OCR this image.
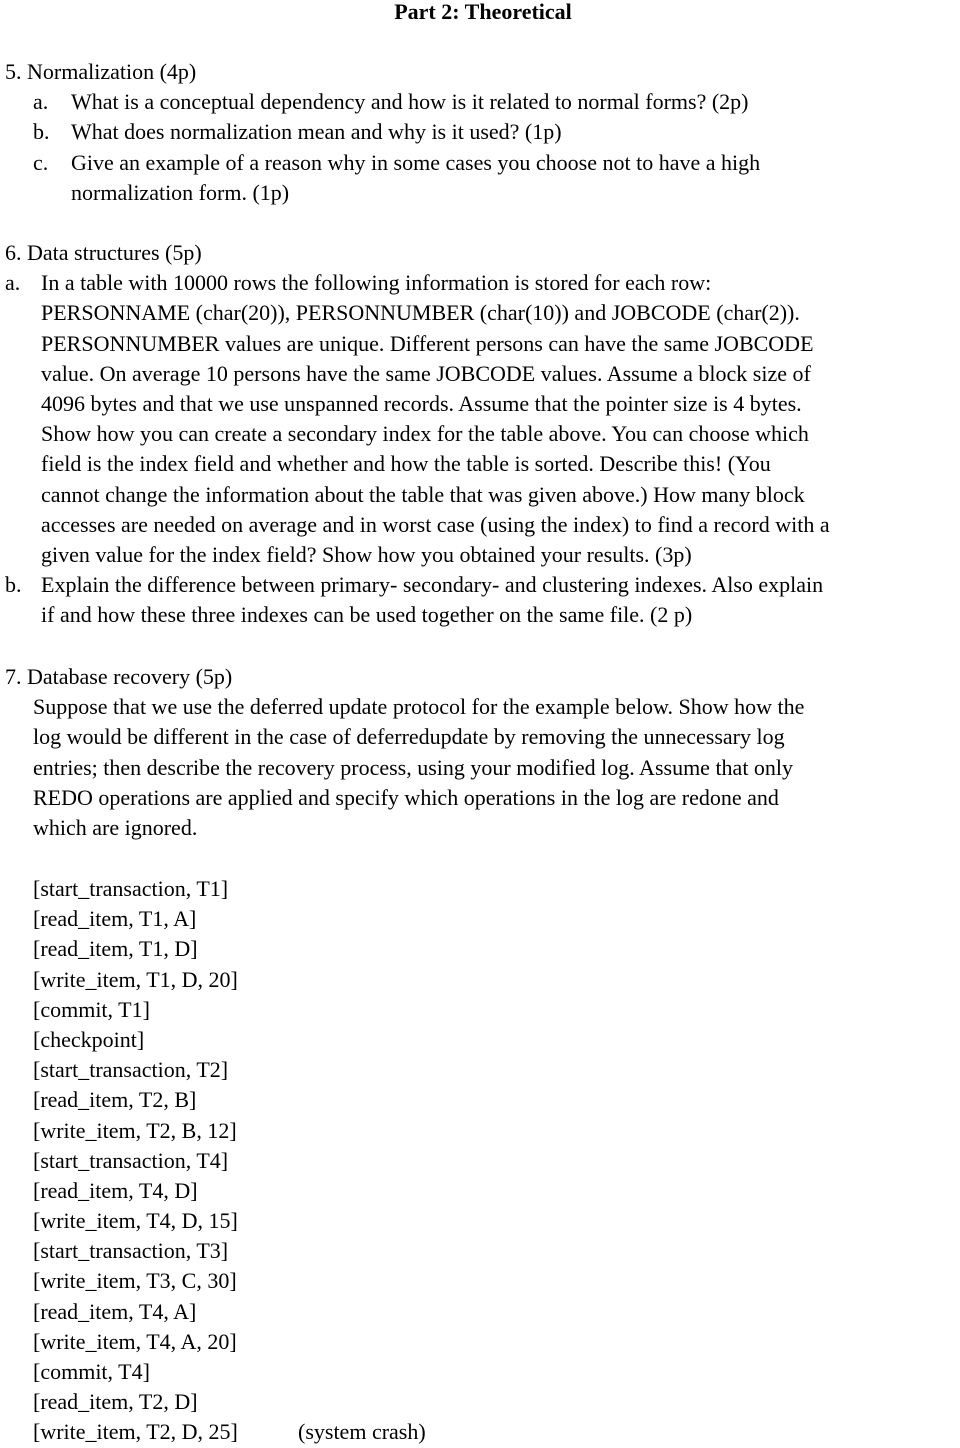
Part 2: Theoretical
5. Normalization (4p)
a.	What is a conceptual dependency and how is it related to normal forms? (2p)
b. What does normalization mean and why is it used? (1p)
c.	Give an example of a reason why in some cases you choose not to have a high
normalization form. (1p)
6. Data structures (5p)
a. In a table with 10000 rows the following information is stored for each row:
PERSONNAME (char(20)), PERSONNUMBER (char(10)) and JOBCODE (char(2)).
PERSONNUMBER values are unique. Different persons can have the same JOBCODE
value. On average 10 persons have the same JOBCODE values. Assume a block size of
4096 bytes and that we use unspanned records. Assume that the pointer size is 4 bytes.
Show how you can create a secondary index for the table above. You can choose which
field is the index field and whether and how the table is sorted. Describe this! (You
cannot change the information about the table that was given above.) How many block
accesses are needed on average and in worst case (using the index) to find a record with a
given value for the index field? Show how you obtained your results. (3p)
b. Explain the difference between primary- secondary- and clustering indexes. Also explain
if and how these three indexes can be used together on the same file. (2 p)
7. Database recovery (5p)
Suppose that we use the deferred update protocol for the example below. Show how the
log would be different in the case of deferredupdate by removing the unnecessary log
entries; then describe the recovery process, using your modified log. Assume that only
REDO operations are applied and specify which operations in the log are redone and
which are ignored.
[start_transaction, T1]
[read_item, T1, A]
[read_item, T1, D]
[write_item, T1, D, 20]
[commit, T1]
[checkpoint]
[start_transaction, T2]
[read_item, T2, B]
[write_item, T2, B, 12]
[start_transaction, T4]
[read_item, T4, D]
[write_item, T4, D, 15]
[start_transaction, T3]
[write_item, T3, C, 30]
[read_item, T4, A]
[write_item, T4, A, 20]
[commit, T4]
[read_item, T2, D]
[write_item, T2, D, 25]	(system crash)
